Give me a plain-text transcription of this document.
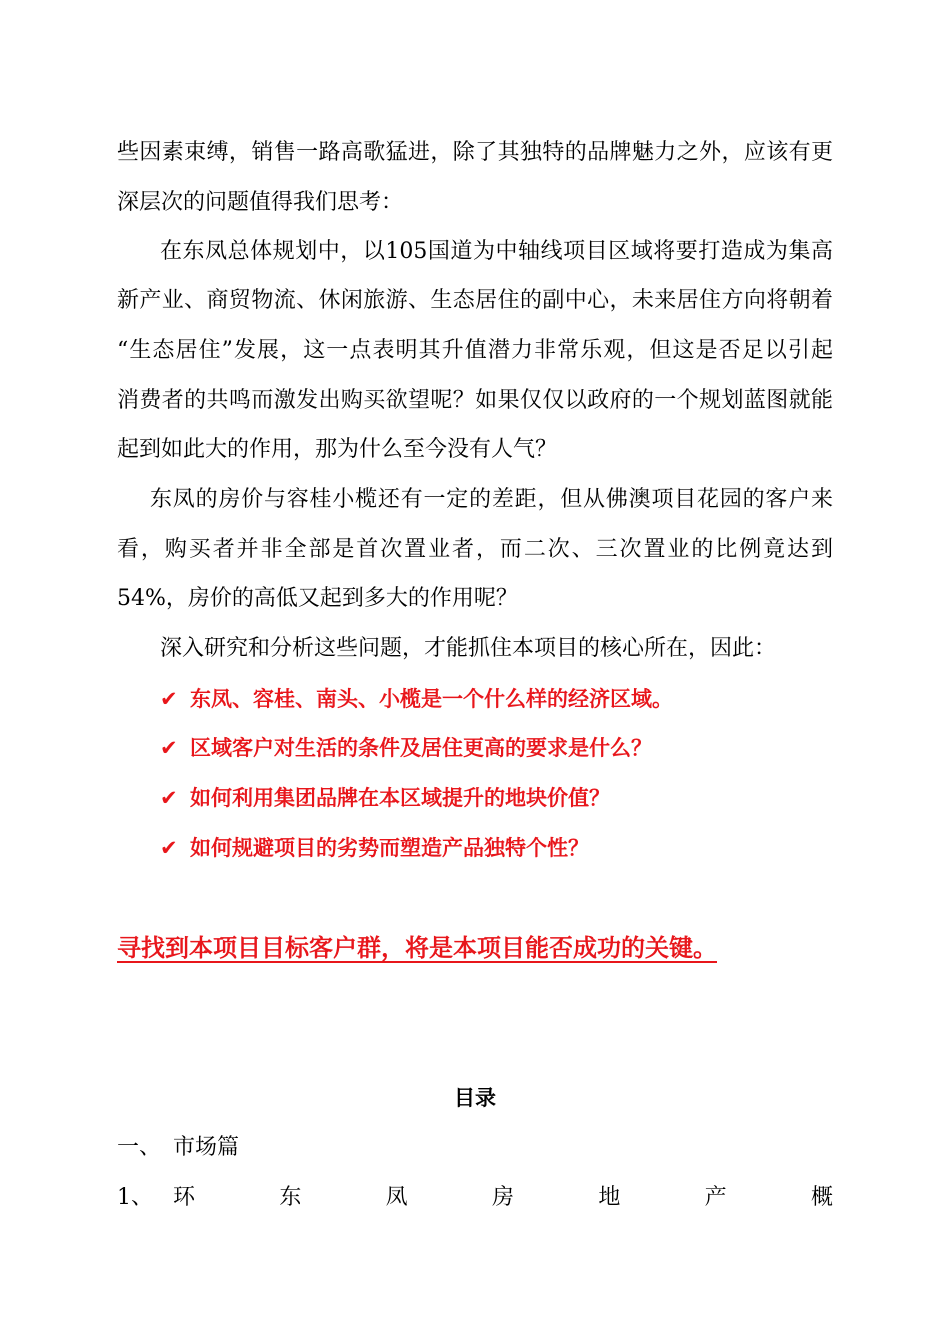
些因素束缚，销售一路高歌猛进，除了其独特的品牌魅力之外，应该有更
深层次的问题值得我们思考：
在东凤总体规划中，以105国道为中轴线项目区域将要打造成为集高
新产业、商贸物流、休闲旅游、生态居住的副中心，未来居住方向将朝着
“生态居住”发展，这一点表明其升值潜力非常乐观，但这是否足以引起
消费者的共鸣而激发出购买欲望呢？如果仅仅以政府的一个规划蓝图就能
起到如此大的作用，那为什么至今没有人气？
东凤的房价与容桂小榄还有一定的差距，但从佛澳项目花园的客户来
看，购买者并非全部是首次置业者，而二次、三次置业的比例竟达到
54%，房价的高低又起到多大的作用呢？
深入研究和分析这些问题，才能抓住本项目的核心所在，因此：
✔ 东凤、容桂、南头、小榄是一个什么样的经济区域。
✔ 区域客户对生活的条件及居住更高的要求是什么？
✔ 如何利用集团品牌在本区域提升的地块价值？
✔ 如何规避项目的劣势而塑造产品独特个性？
寻找到本项目目标客户群，将是本项目能否成功的关键。
目录
一、 市场篇
1、 环	东	凤	房	地	产	概
